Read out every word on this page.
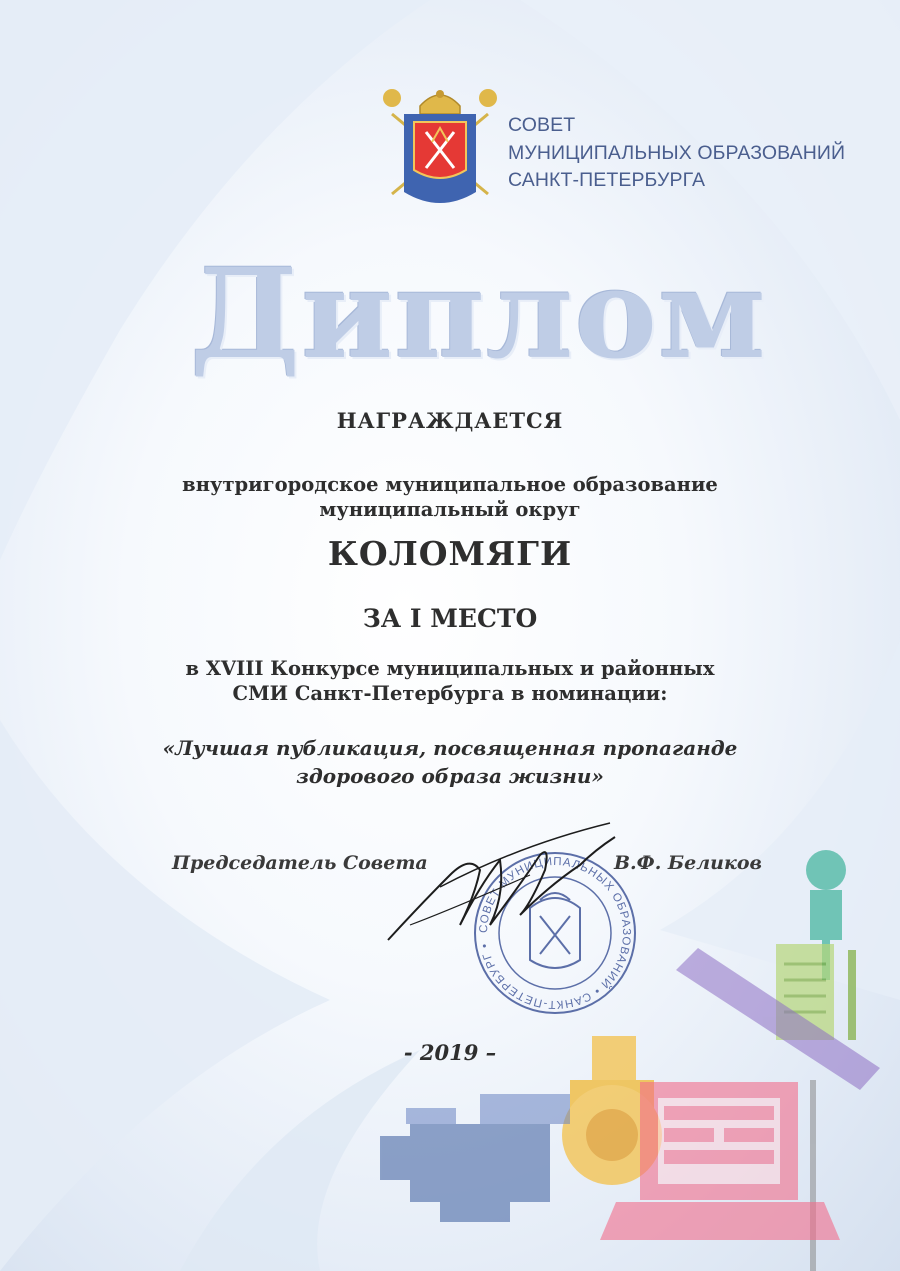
СОВЕТ
МУНИЦИПАЛЬНЫХ ОБРАЗОВАНИЙ
САНКТ-ПЕТЕРБУРГА
Диплом
НАГРАЖДАЕТСЯ
внутригородское муниципальное образование
муниципальный округ
КОЛОМЯГИ
ЗА I МЕСТО
в XVIII Конкурсе муниципальных и районных
СМИ Санкт-Петербурга в номинации:
«Лучшая публикация, посвященная пропаганде
здорового образа жизни»
СОВЕТ МУНИЦИПАЛЬНЫХ ОБРАЗОВАНИЙ • САНКТ-ПЕТЕРБУРГ •
Председатель Совета	В.Ф. Беликов
- 2019 –
